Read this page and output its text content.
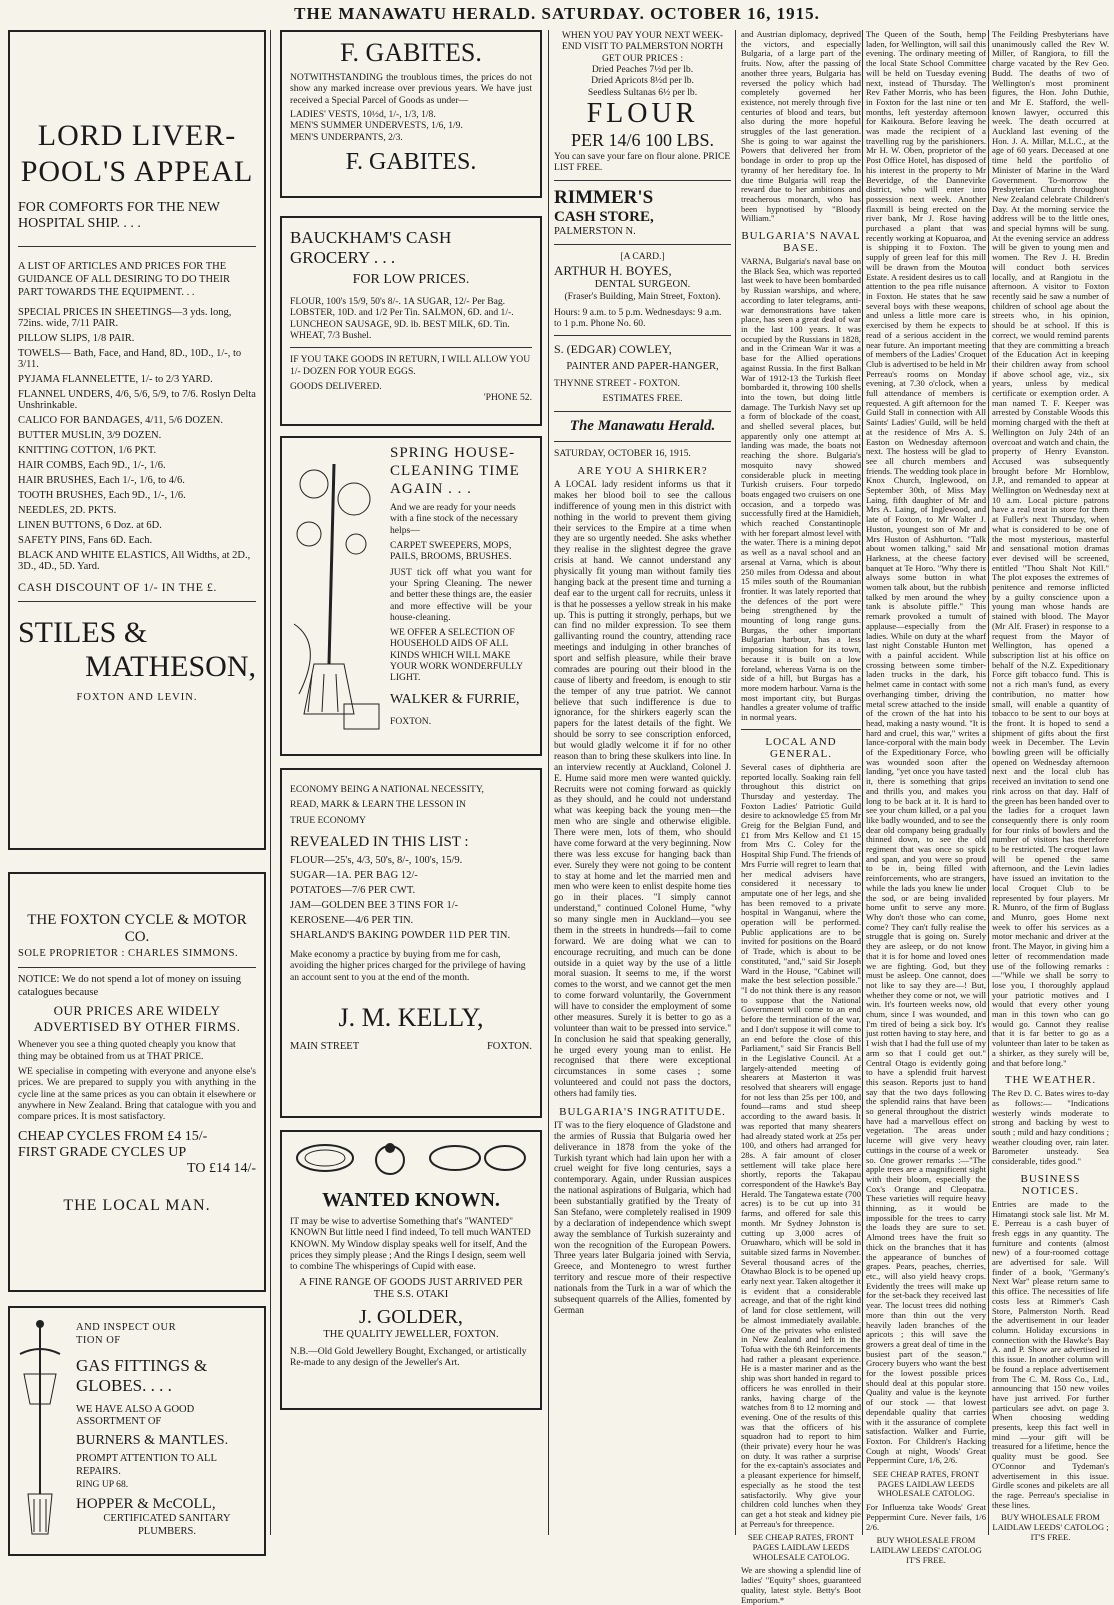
THE MANAWATU HERALD. SATURDAY. OCTOBER 16, 1915.
LORD LIVER-POOL'S APPEAL
FOR COMFORTS FOR THE NEW HOSPITAL SHIP. . . .
A LIST OF ARTICLES AND PRICES FOR THE GUIDANCE OF ALL DESIRING TO DO THEIR PART TOWARDS THE EQUIPMENT. . .
SPECIAL PRICES IN SHEETINGS—3 yds. long, 72ins. wide, 7/11 PAIR.
PILLOW SLIPS, 1/8 PAIR.
TOWELS— Bath, Face, and Hand, 8D., 10D., 1/-, to 3/11.
PYJAMA FLANNELETTE, 1/- to 2/3 YARD.
FLANNEL UNDERS, 4/6, 5/6, 5/9, to 7/6. Roslyn Delta Unshrinkable.
CALICO FOR BANDAGES, 4/11, 5/6 DOZEN.
BUTTER MUSLIN, 3/9 DOZEN.
KNITTING COTTON, 1/6 PKT.
HAIR COMBS, Each 9D., 1/-, 1/6.
HAIR BRUSHES, Each 1/-, 1/6, to 4/6.
TOOTH BRUSHES, Each 9D., 1/-, 1/6.
NEEDLES, 2D. PKTS.
LINEN BUTTONS, 6 Doz. at 6D.
SAFETY PINS, Fans 6D. Each.
BLACK AND WHITE ELASTICS, All Widths, at 2D., 3D., 4D., 5D. Yard.
CASH DISCOUNT OF 1/- IN THE £.
STILES &
MATHESON,
FOXTON AND LEVIN.
THE FOXTON CYCLE & MOTOR CO.
SOLE PROPRIETOR : CHARLES SIMMONS.
NOTICE: We do not spend a lot of money on issuing catalogues because
OUR PRICES ARE WIDELY ADVERTISED BY OTHER FIRMS.
Whenever you see a thing quoted cheaply you know that thing may be obtained from us at THAT PRICE.
WE specialise in competing with everyone and anyone else's prices. We are prepared to supply you with anything in the cycle line at the same prices as you can obtain it elsewhere or anywhere in New Zealand. Bring that catalogue with you and compare prices. It is most satisfactory.
CHEAP CYCLES FROM £4 15/-
FIRST GRADE CYCLES UP
TO £14 14/-
THE LOCAL MAN.
AND INSPECT OUR
TION OF
GAS FITTINGS &
GLOBES. . . .
WE HAVE ALSO A GOOD ASSORTMENT OF
BURNERS & MANTLES.
PROMPT ATTENTION TO ALL REPAIRS.
RING UP 68.
HOPPER & McCOLL,
CERTIFICATED SANITARY PLUMBERS.
F. GABITES.
NOTWITHSTANDING the troublous times, the prices do not show any marked increase over previous years. We have just received a Special Parcel of Goods as under—
LADIES' VESTS, 10½d, 1/-, 1/3, 1/8.
MEN'S SUMMER UNDERVESTS, 1/6, 1/9.
MEN'S UNDERPANTS, 2/3.
F. GABITES.
BAUCKHAM'S CASH
GROCERY . . .
FOR LOW PRICES.
FLOUR, 100's 15/9, 50's 8/-. 1A SUGAR, 12/- Per Bag.
LOBSTER, 10D. and 1/2 Per Tin. SALMON, 6D. and 1/-.
LUNCHEON SAUSAGE, 9D. lb. BEST MILK, 6D. Tin.
WHEAT, 7/3 Bushel.
IF YOU TAKE GOODS IN RETURN, I WILL ALLOW YOU 1/- DOZEN FOR YOUR EGGS.
GOODS DELIVERED.
'PHONE 52.
SPRING HOUSE-CLEANING TIME AGAIN . . .
And we are ready for your needs with a fine stock of the necessary helps—
CARPET SWEEPERS, MOPS, PAILS, BROOMS, BRUSHES.
JUST tick off what you want for your Spring Cleaning. The newer and better these things are, the easier and more effective will be your house-cleaning.
WE OFFER A SELECTION OF HOUSEHOLD AIDS OF ALL KINDS WHICH WILL MAKE YOUR WORK WONDERFULLY LIGHT.
WALKER & FURRIE,
FOXTON.
ECONOMY BEING A NATIONAL NECESSITY,
READ, MARK & LEARN THE LESSON IN
TRUE ECONOMY
REVEALED IN THIS LIST :
FLOUR—25's, 4/3, 50's, 8/-, 100's, 15/9.
SUGAR—1A. PER BAG 12/-
POTATOES—7/6 PER CWT.
JAM—GOLDEN BEE 3 TINS FOR 1/-
KEROSENE—4/6 PER TIN.
SHARLAND'S BAKING POWDER 11D PER TIN.
Make economy a practice by buying from me for cash, avoiding the higher prices charged for the privilege of having an account sent to you at the end of the month.
J. M. KELLY,
MAIN STREET	FOXTON.
WANTED KNOWN.
IT may be wise to advertise Something that's "WANTED" KNOWN But little need I find indeed, To tell much WANTED KNOWN. My Window display speaks well for itself, And the prices they simply please ; And the Rings I design, seem well to combine The whisperings of Cupid with ease.
A FINE RANGE OF GOODS JUST ARRIVED PER THE S.S. OTAKI
J. GOLDER,
THE QUALITY JEWELLER, FOXTON.
N.B.—Old Gold Jewellery Bought, Exchanged, or artistically Re-made to any design of the Jeweller's Art.
WHEN YOU PAY YOUR NEXT WEEK-END VISIT TO PALMERSTON NORTH GET OUR PRICES :
Dried Peaches 7½d per lb.
Dried Apricots 8½d per lb.
Seedless Sultanas 6½ per lb.
FLOUR
PER 14/6 100 LBS.
You can save your fare on flour alone. PRICE LIST FREE.
RIMMER'S
CASH STORE,
PALMERSTON N.
[A CARD.]
ARTHUR H. BOYES,
DENTAL SURGEON.
(Fraser's Building, Main Street, Foxton).
Hours: 9 a.m. to 5 p.m. Wednesdays: 9 a.m. to 1 p.m. Phone No. 60.
S. (EDGAR) COWLEY,
PAINTER AND PAPER-HANGER,
THYNNE STREET - FOXTON.
ESTIMATES FREE.
The Manawatu Herald.
SATURDAY, OCTOBER 16, 1915.
ARE YOU A SHIRKER?
A LOCAL lady resident informs us that it makes her blood boil to see the callous indifference of young men in this district with nothing in the world to prevent them giving their services to the Empire at a time when they are so urgently needed. She asks whether they realise in the slightest degree the grave crisis at hand. We cannot understand any physically fit young man without family ties hanging back at the present time and turning a deaf ear to the urgent call for recruits, unless it is that he possesses a yellow streak in his make up. This is putting it strongly, perhaps, but we can find no milder expression. To see them gallivanting round the country, attending race meetings and indulging in other branches of sport and selfish pleasure, while their brave comrades are pouring out their blood in the cause of liberty and freedom, is enough to stir the temper of any true patriot. We cannot believe that such indifference is due to ignorance, for the shirkers eagerly scan the papers for the latest details of the fight. We should be sorry to see conscription enforced, but would gladly welcome it if for no other reason than to bring these skulkers into line. In an interview recently at Auckland, Colonel J. E. Hume said more men were wanted quickly. Recruits were not coming forward as quickly as they should, and he could not understand what was keeping back the young men—the men who are single and otherwise eligible. There were men, lots of them, who should have come forward at the very beginning. Now there was less excuse for hanging back than ever. Surely they were not going to be content to stay at home and let the married men and men who were keen to enlist despite home ties go in their places. "I simply cannot understand," continued Colonel Hume, "why so many single men in Auckland—you see them in the streets in hundreds—fail to come forward. We are doing what we can to encourage recruiting, and much can be done outside in a quiet way by the use of a little moral suasion. It seems to me, if the worst comes to the worst, and we cannot get the men to come forward voluntarily, the Government will have to consider the employment of some other measures. Surely it is better to go as a volunteer than wait to be pressed into service." In conclusion he said that speaking generally, he urged every young man to enlist. He recognised that there were exceptional circumstances in some cases ; some volunteered and could not pass the doctors, others had family ties.
BULGARIA'S INGRATITUDE.
IT was to the fiery eloquence of Gladstone and the armies of Russia that Bulgaria owed her deliverance in 1878 from the yoke of the Turkish tyrant which had lain upon her with a cruel weight for five long centuries, says a contemporary. Again, under Russian auspices the national aspirations of Bulgaria, which had been substantially gratified by the Treaty of San Stefano, were completely realised in 1909 by a declaration of independence which swept away the semblance of Turkish suzerainty and won the recognition of the European Powers. Three years later Bulgaria joined with Servia, Greece, and Montenegro to wrest further territory and rescue more of their respective nationals from the Turk in a war of which the subsequent quarrels of the Allies, fomented by German
and Austrian diplomacy, deprived the victors, and especially Bulgaria, of a large part of the fruits. Now, after the passing of another three years, Bulgaria has reversed the policy which had completely governed her existence, not merely through five centuries of blood and tears, but also during the more hopeful struggles of the last generation. She is going to war against the Powers that delivered her from bondage in order to prop up the tyranny of her hereditary foe. In due time Bulgaria will reap the reward due to her ambitions and treacherous monarch, who has been hypnotised by "Bloody William."
BULGARIA'S NAVAL BASE.
VARNA, Bulgaria's naval base on the Black Sea, which was reported last week to have been bombarded by Russian warships, and where, according to later telegrams, anti-war demonstrations have taken place, has seen a great deal of war in the last 100 years. It was occupied by the Russians in 1828, and in the Crimean War it was a base for the Allied operations against Russia. In the first Balkan War of 1912-13 the Turkish fleet bombarded it, throwing 100 shells into the town, but doing little damage. The Turkish Navy set up a form of blockade of the coast, and shelled several places, but apparently only one attempt at landing was made, the boats not reaching the shore. Bulgaria's mosquito navy showed considerable pluck in meeting Turkish cruisers. Four torpedo boats engaged two cruisers on one occasion, and a torpedo was successfully fired at the Hamidieh, which reached Constantinople with her forepart almost level with the water. There is a mining depot as well as a naval school and an arsenal at Varna, which is about 250 miles from Odessa and about 15 miles south of the Roumanian frontier. It was lately reported that the defences of the port were being strengthened by the mounting of long range guns. Burgas, the other important Bulgarian harbour, has a less imposing situation for its town, because it is built on a low foreland, whereas Varna is on the side of a hill, but Burgas has a more modern harbour. Varna is the most important city, but Burgas handles a greater volume of traffic in normal years.
LOCAL AND GENERAL.
Several cases of diphtheria are reported locally. Soaking rain fell throughout this district on Thursday and yesterday. The Foxton Ladies' Patriotic Guild desire to acknowledge £5 from Mr Greig for the Belgian Fund, and £1 from Mrs Kellow and £1 15 from Mrs C. Coley for the Hospital Ship Fund. The friends of Mrs Furrie will regret to learn that her medical advisers have considered it necessary to amputate one of her legs, and she has been removed to a private hospital in Wanganui, where the operation will be performed. Public applications are to be invited for positions on the Board of Trade, which is about to be constituted, "and," said Sir Joseph Ward in the House, "Cabinet will make the best selection possible." "I do not think there is any reason to suppose that the National Government will come to an end before the termination of the war, and I don't suppose it will come to an end before the close of this Parliament," said Sir Francis Bell in the Legislative Council. At a largely-attended meeting of shearers at Masterton it was resolved that shearers will engage for not less than 25s per 100, and found—rams and stud sheep according to the award basis. It was reported that many shearers had already stated work at 25s per 100, and others had arranged for 28s. A fair amount of closer settlement will take place here shortly, reports the Takapau correspondent of the Hawke's Bay Herald. The Tangatewa estate (700 acres) is to be cut up into 31 farms, and offered for sale this month. Mr Sydney Johnston is cutting up 3,000 acres of Oruawharo, which will be sold in suitable sized farms in November. Several thousand acres of the Otawhao Block is to be opened up early next year. Taken altogether it is evident that a considerable acreage, and that of the right kind of land for close settlement, will be almost immediately available. One of the privates who enlisted in New Zealand and left in the Tofua with the 6th Reinforcements had rather a pleasant experience. He is a master mariner and as the ship was short handed in regard to officers he was enrolled in their ranks, having charge of the watches from 8 to 12 morning and evening. One of the results of this was that the officers of his squadron had to report to him (their private) every hour he was on duty. It was rather a surprise for the ex-captain's associates and a pleasant experience for himself, especially as he stood the test satisfactorily. Why give your children cold lunches when they can get a hot steak and kidney pie at Perreau's for threepence.
SEE CHEAP RATES, FRONT PAGES LAIDLAW LEEDS WHOLESALE CATOLOG.
We are showing a splendid line of ladies' "Equity" shoes, guaranteed quality, latest style. Betty's Boot Emporium.*
The Queen of the South, hemp laden, for Wellington, will sail this evening. The ordinary meeting of the local State School Committee will be held on Tuesday evening next, instead of Thursday. The Rev Father Morris, who has been in Foxton for the last nine or ten months, left yesterday afternoon for Kaikoura. Before leaving he was made the recipient of a travelling rug by the parishioners. Mr H. W. Oben, proprietor of the Post Office Hotel, has disposed of his interest in the property to Mr Beveridge, of the Dannevirke district, who will enter into possession next week. Another flaxmill is being erected on the river bank, Mr J. Rose having purchased a plant that was recently working at Kopuaroa, and is shipping it to Foxton. The supply of green leaf for this mill will be drawn from the Moutoa Estate. A resident desires us to call attention to the pea rifle nuisance in Foxton. He states that he saw several boys with these weapons, and unless a little more care is exercised by them he expects to read of a serious accident in the near future. An important meeting of members of the Ladies' Croquet Club is advertised to be held in Mr Perreau's rooms on Monday evening, at 7.30 o'clock, when a full attendance of members is requested. A gift afternoon for the Guild Stall in connection with All Saints' Ladies' Guild, will be held at the residence of Mrs A. S. Easton on Wednesday afternoon next. The hostess will be glad to see all church members and friends. The wedding took place in Knox Church, Inglewood, on September 30th, of Miss May Laing, fifth daughter of Mr and Mrs A. Laing, of Inglewood, and late of Foxton, to Mr Walter J. Huston, youngest son of Mr and Mrs Huston of Ashhurton. "Talk about women talking," said Mr Harkness, at the cheese factory banquet at Te Horo. "Why there is always some button in what women talk about, but the rubbish talked by men around the whey tank is absolute piffle." This remark provoked a tumult of applause—especially from the ladies. While on duty at the wharf last night Constable Hunton met with a painful accident. While crossing between some timber-laden trucks in the dark, his helmet came in contact with some overhanging timber, driving the metal screw attached to the inside of the crown of the hat into his head, making a nasty wound. "It is hard and cruel, this war," writes a lance-corporal with the main body of the Expeditionary Force, who was wounded soon after the landing, "yet once you have tasted it, there is something that grips and thrills you, and makes you long to be back at it. It is hard to see your chum killed, or a pal you like badly wounded, and to see the dear old company being gradually thinned down, to see the old regiment that was once so spick and span, and you were so proud to be in, being filled with reinforcements, who are strangers, while the lads you knew lie under the sod, or are being invalided home unfit to serve any more. Why don't those who can come, come? They can't fully realise the struggle that is going on. Surely they are asleep, or do not know that it is for home and loved ones we are fighting. God, but they must be asleep. One cannot, does not like to say they are—! But, whether they come or not, we will win. It's fourteen weeks now, old chum, since I was wounded, and I'm tired of being a sick boy. It's just rotten having to stay here, and I wish that I had the full use of my arm so that I could get out." Central Otago is evidently going to have a splendid fruit harvest this season. Reports just to hand say that the two days following the splendid rains that have been so general throughout the district have had a marvellous effect on vegetation. The areas under lucerne will give very heavy cuttings in the course of a week or so. One grower remarks :—"The apple trees are a magnificent sight with their bloom, especially the Cox's Orange and Cleopatra. These varieties will require heavy thinning, as it would be impossible for the trees to carry the loads they are sure to set. Almond trees have the fruit so thick on the branches that it has the appearance of bunches of grapes. Pears, peaches, cherries, etc., will also yield heavy crops. Evidently the trees will make up for the set-back they received last year. The locust trees did nothing more than thin out the very heavily laden branches of the apricots ; this will save the growers a great deal of time in the busiest part of the season." Grocery buyers who want the best for the lowest possible prices should deal at this popular store. Quality and value is the keynote of our stock — that lowest dependable quality that carries with it the assurance of complete satisfaction. Walker and Furrie, Foxton. For Children's Hacking Cough at night, Woods' Great Peppermint Cure, 1/6, 2/6.
SEE CHEAP RATES, FRONT PAGES LAIDLAW LEEDS WHOLESALE CATOLOG.
For Influenza take Woods' Great Peppermint Cure. Never fails, 1/6 2/6.
BUY WHOLESALE FROM LAIDLAW LEEDS' CATOLOG IT'S FREE.
The Feilding Presbyterians have unanimously called the Rev W. Miller, of Rangiora, to fill the charge vacated by the Rev Geo. Budd. The deaths of two of Wellington's most prominent figures, the Hon. John Duthie, and Mr E. Stafford, the well-known lawyer, occurred this week. The death occurred at Auckland last evening of the Hon. J. A. Millar, M.L.C., at the age of 60 years. Deceased at one time held the portfolio of Minister of Marine in the Ward Government. To-morrow the Presbyterian Church throughout New Zealand celebrate Children's Day. At the morning service the address will be to the little ones, and special hymns will be sung. At the evening service an address will be given to young men and women. The Rev J. H. Bredin will conduct both services locally, and at Rangiotu in the afternoon. A visitor to Foxton recently said he saw a number of children of school age about the streets who, in his opinion, should be at school. If this is correct, we would remind parents that they are committing a breach of the Education Act in keeping their children away from school if above school age, viz., six years, unless by medical certificate or exemption order. A man named T. F. Keeper was arrested by Constable Woods this morning charged with the theft at Wellington on July 24th of an overcoat and watch and chain, the property of Henry Evanston. Accused was subsequently brought before Mr Hornblow, J.P., and remanded to appear at Wellington on Wednesday next at 10 a.m. Local picture patrons have a real treat in store for them at Fuller's next Thursday, when what is considered to be one of the most mysterious, masterful and sensational motion dramas ever devised will be screened, entitled "Thou Shalt Not Kill." The plot exposes the extremes of penitence and remorse inflicted by a guilty conscience upon a young man whose hands are stained with blood. The Mayor (Mr Alf. Fraser) in response to a request from the Mayor of Wellington, has opened a subscription list at his office on behalf of the N.Z. Expeditionary Force gift tobacco fund. This is not a rich man's fund, as every contribution, no matter how small, will enable a quantity of tobacco to be sent to our boys at the front. It is hoped to send a shipment of gifts about the first week in December. The Levin bowling green will be officially opened on Wednesday afternoon next and the local club has received an invitation to send one rink across on that day. Half of the green has been handed over to the ladies for a croquet lawn consequently there is only room for four rinks of bowlers and the number of visitors has therefore to be restricted. The croquet lawn will be opened the same afternoon, and the Levin ladies have issued an invitation to the local Croquet Club to be represented by four players. Mr R. Munro, of the firm of Buglass and Munro, goes Home next week to offer his services as a motor mechanic and driver at the front. The Mayor, in giving him a letter of recommendation made use of the following remarks :—"While we shall be sorry to lose you, I thoroughly applaud your patriotic motives and I would that every other young man in this town who can go would go. Cannot they realise that it is far better to go as a volunteer than later to be taken as a shirker, as they surely will be, and that before long."
THE WEATHER.
The Rev D. C. Bates wires to-day as follows:— "Indications westerly winds moderate to strong and backing by west to south ; mild and hazy conditions ; weather clouding over, rain later. Barometer unsteady. Sea considerable, tides good."
BUSINESS NOTICES.
Entries are made to the Himatangi stock sale list. Mr M. E. Perreau is a cash buyer of fresh eggs in any quantity. The furniture and contents (almost new) of a four-roomed cottage are advertised for sale. Will finder of a book, "Germany's Next War" please return same to this office. The necessities of life costs less at Rimmer's Cash Store, Palmerston North. Read the advertisement in our leader column. Holiday excursions in connection with the Hawke's Bay A. and P. Show are advertised in this issue. In another column will be found a replace advertisement from The C. M. Ross Co., Ltd., announcing that 150 new voiles have just arrived. For further particulars see advt. on page 3. When choosing wedding presents, keep this fact well in mind —your gift will be treasured for a lifetime, hence the quality must be good. See O'Connor and Tydeman's advertisement in this issue. Girdle scones and pikelets are all the rage. Perreau's specialise in these lines.
BUY WHOLESALE FROM LAIDLAW LEEDS' CATOLOG ; IT'S FREE.
